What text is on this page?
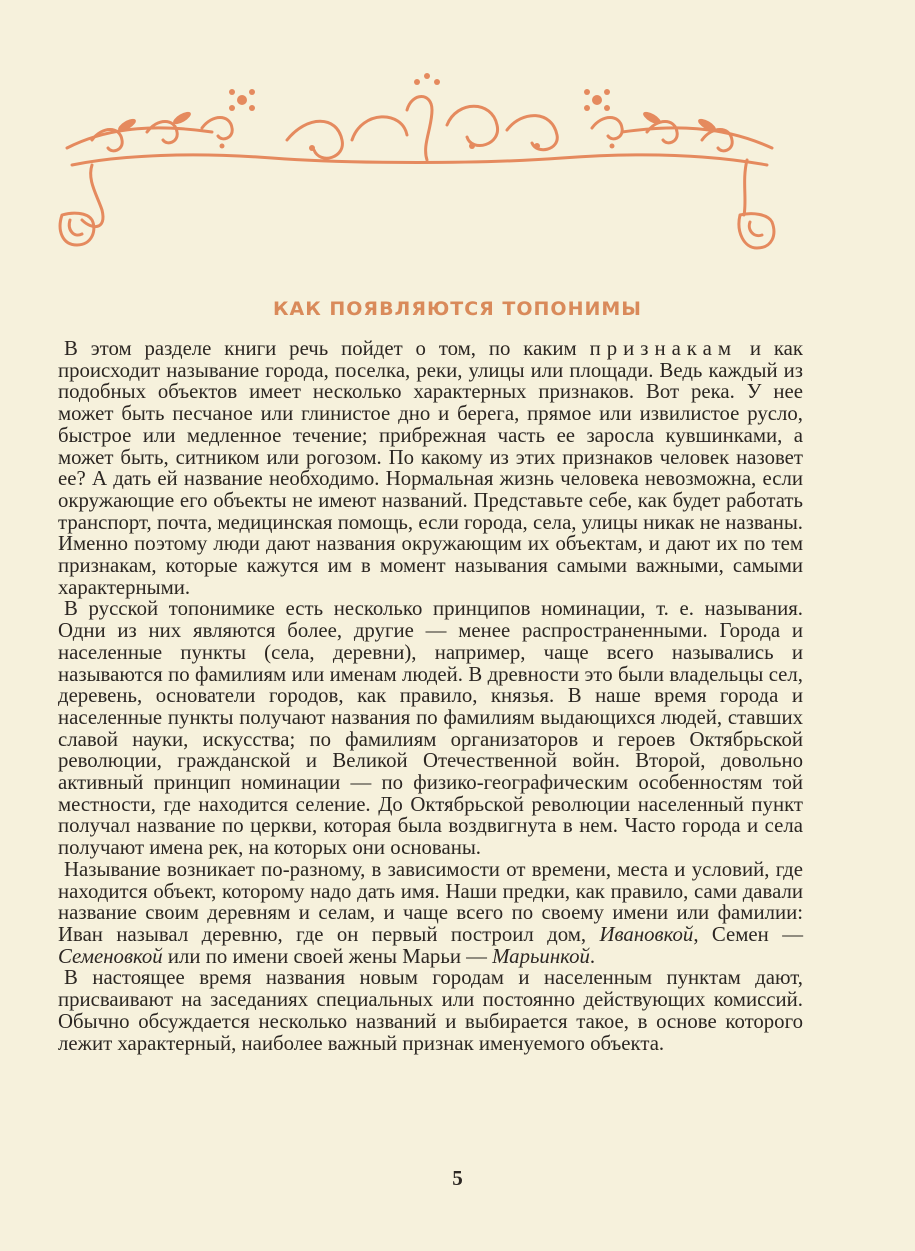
КАК ПОЯВЛЯЮТСЯ ТОПОНИМЫ

В этом разделе книги речь пойдет о том, по каким признакам и как происходит называние города, поселка, реки, улицы или площади. Ведь каждый из подобных объектов имеет несколько характерных признаков. Вот река. У нее может быть песчаное или глинистое дно и берега, прямое или извилистое русло, быстрое или медленное течение; прибрежная часть ее заросла кувшинками, а может быть, ситником или рогозом. По какому из этих признаков человек назовет ее? А дать ей название необходимо. Нормальная жизнь человека невозможна, если окружающие его объекты не имеют названий. Представьте себе, как будет работать транспорт, почта, медицинская помощь, если города, села, улицы никак не названы. Именно поэтому люди дают названия окружающим их объектам, и дают их по тем признакам, которые кажутся им в момент называния самыми важными, самыми характерными.

В русской топонимике есть несколько принципов номинации, т. е. называния. Одни из них являются более, другие — менее распространенными. Города и населенные пункты (села, деревни), например, чаще всего назывались и называются по фамилиям или именам людей. В древности это были владельцы сел, деревень, основатели городов, как правило, князья. В наше время города и населенные пункты получают названия по фамилиям выдающихся людей, ставших славой науки, искусства; по фамилиям организаторов и героев Октябрьской революции, гражданской и Великой Отечественной войн. Второй, довольно активный принцип номинации — по физико-географическим особенностям той местности, где находится селение. До Октябрьской революции населенный пункт получал название по церкви, которая была воздвигнута в нем. Часто города и села получают имена рек, на которых они основаны.

Называние возникает по-разному, в зависимости от времени, места и условий, где находится объект, которому надо дать имя. Наши предки, как правило, сами давали название своим деревням и селам, и чаще всего по своему имени или фамилии: Иван называл деревню, где он первый построил дом, Ивановкой, Семен — Семеновкой или по имени своей жены Марьи — Марьинкой.

В настоящее время названия новым городам и населенным пунктам дают, присваивают на заседаниях специальных или постоянно действующих комиссий. Обычно обсуждается несколько названий и выбирается такое, в основе которого лежит характерный, наиболее важный признак именуемого объекта.

5
